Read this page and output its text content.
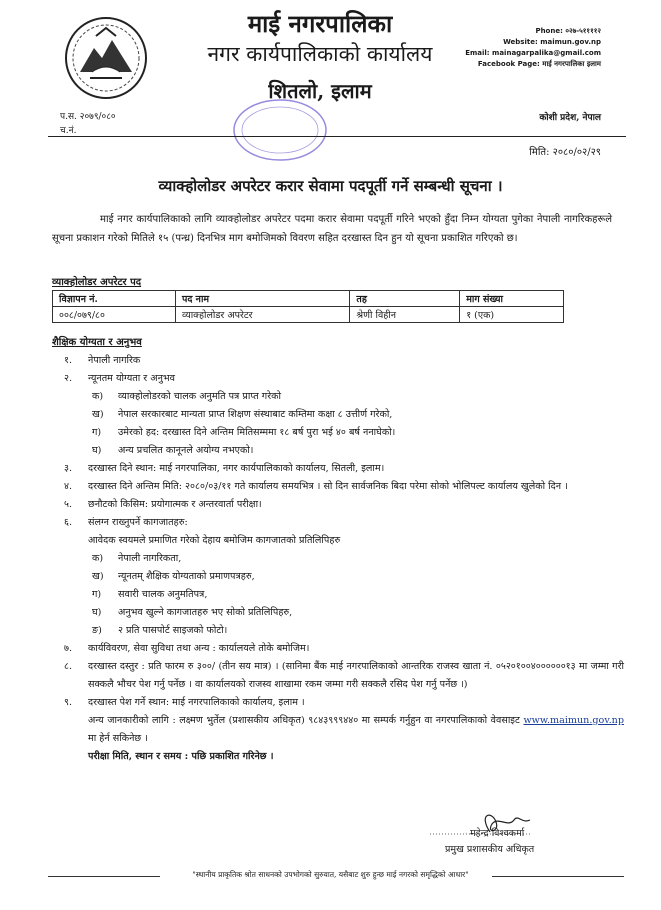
माई नगरपालिका
नगर कार्यपालिकाको कार्यालय
शितलो, इलाम
Phone: ०२७-५११११२
Website: maimun.gov.np
Email: mainagarpalika@gmail.com
Facebook Page: माई नगरपालिका इलाम
प.स. २०७९/०८०
च.नं.
कोशी प्रदेश, नेपाल
मिति: २०८०/०२/२९
व्याक्होलोडर अपरेटर करार सेवामा पदपूर्ती गर्ने सम्बन्धी सूचना ।
माई नगर कार्यपालिकाको लागि व्याक्होलोडर अपरेटर पदमा करार सेवामा पदपूर्ती गरिने भएको हुँदा निम्न योग्यता पुगेका नेपाली नागरिकहरूले सूचना प्रकाशन गरेको मितिले १५ (पन्ध्र) दिनभित्र माग बमोजिमको विवरण सहित दरखास्त दिन हुन यो सूचना प्रकाशित गरिएको छ।
व्याक्होलोडर अपरेटर पद
विज्ञापन नं.	पद नाम	तह	माग संख्या
००८/०७९/८०	व्याक्होलोडर अपरेटर	श्रेणी विहीन	१ (एक)
शैक्षिक योग्यता र अनुभव
१.	नेपाली नागरिक
२.	न्यूनतम योग्यता र अनुभव
क)	व्याक्होलोडरको चालक अनुमति पत्र प्राप्त गरेको
ख)	नेपाल सरकारबाट मान्यता प्राप्त शिक्षण संस्थाबाट कम्तिमा कक्षा ८ उत्तीर्ण गरेको,
ग)	उमेरको हद: दरखास्त दिने अन्तिम मितिसम्ममा १८ बर्ष पुरा भई ४० बर्ष ननाघेको।
घ)	अन्य प्रचलित कानूनले अयोग्य नभएको।
३.	दरखास्त दिने स्थान: माई नगरपालिका, नगर कार्यपालिकाको कार्यालय, सितली, इलाम।
४.	दरखास्त दिने अन्तिम मिति: २०८०/०३/११ गते कार्यालय समयभित्र । सो दिन सार्वजनिक बिदा परेमा सोको भोलिपल्ट कार्यालय खुलेको दिन ।
५.	छनौटको किसिम: प्रयोगात्मक र अन्तरवार्ता परीक्षा।
६.	संलग्न राख्नुपर्ने कागजातहरु:
आवेदक स्वयमले प्रमाणित गरेको देहाय बमोजिम कागजातको प्रतिलिपिहरु
क)	नेपाली नागरिकता,
ख)	न्यूनतम् शैक्षिक योग्यताको प्रमाणपत्रहरु,
ग)	सवारी चालक अनुमतिपत्र,
घ)	अनुभव खुल्ने कागजातहरु भए सोको प्रतिलिपिहरु,
ङ)	२ प्रति पासपोर्ट साइजको फोटो।
७.	कार्यविवरण, सेवा सुविधा तथा अन्य : कार्यालयले तोके बमोजिम।
८.	दरखास्त दस्तुर : प्रति फारम रु ३००/ (तीन सय मात्र) । (सानिमा बैंक माई नगरपालिकाको आन्तरिक राजस्व खाता नं. ०५२०१००४००००००१३ मा जम्मा गरी सक्कलै भौचर पेश गर्नु पर्नेछ । वा कार्यालयको राजस्व शाखामा रकम जम्मा गरी सक्कलै रसिद पेश गर्नु पर्नेछ ।)
९.	दरखास्त पेश गर्ने स्थान: माई नगरपालिकाको कार्यालय, इलाम ।
अन्य जानकारीको लागि : लक्ष्मण भुर्तेल (प्रशासकीय अधिकृत) ९८४३९९९४४० मा सम्पर्क गर्नुहुन वा नगरपालिकाको वेवसाइट www.maimun.gov.np मा हेर्न सकिनेछ ।
परीक्षा मिति, स्थान र समय : पछि प्रकाशित गरिनेछ ।
महेन्द्र विश्वकर्मा
प्रमुख प्रशासकीय अधिकृत
"स्थानीय प्राकृतिक श्रोत साधनको उपभोगको सुरुवात, यसैबाट शुरु हुन्छ माई नगरको समृद्धिको आधार"
